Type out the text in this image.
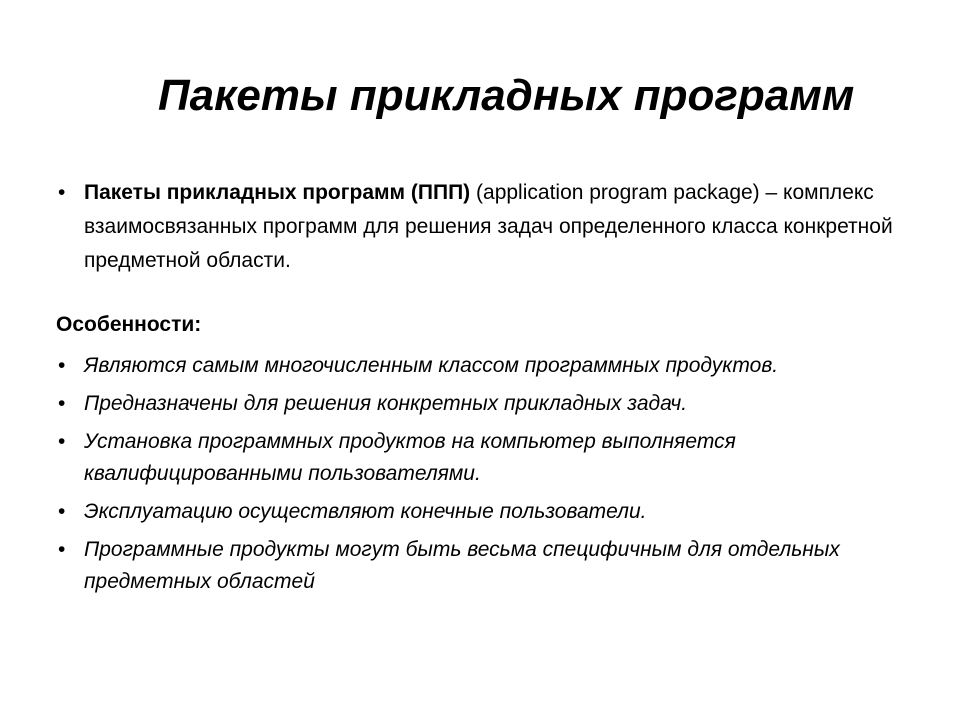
Пакеты прикладных программ
• Пакеты прикладных программ (ППП) (application program package) – комплекс взаимосвязанных программ для решения задач определенного класса конкретной предметной области.
Особенности:
• Являются самым многочисленным классом программных продуктов.
• Предназначены для решения конкретных прикладных задач.
• Установка программных продуктов на компьютер выполняется квалифицированными пользователями.
• Эксплуатацию осуществляют конечные пользователи.
• Программные продукты могут быть весьма специфичным для отдельных предметных областей
